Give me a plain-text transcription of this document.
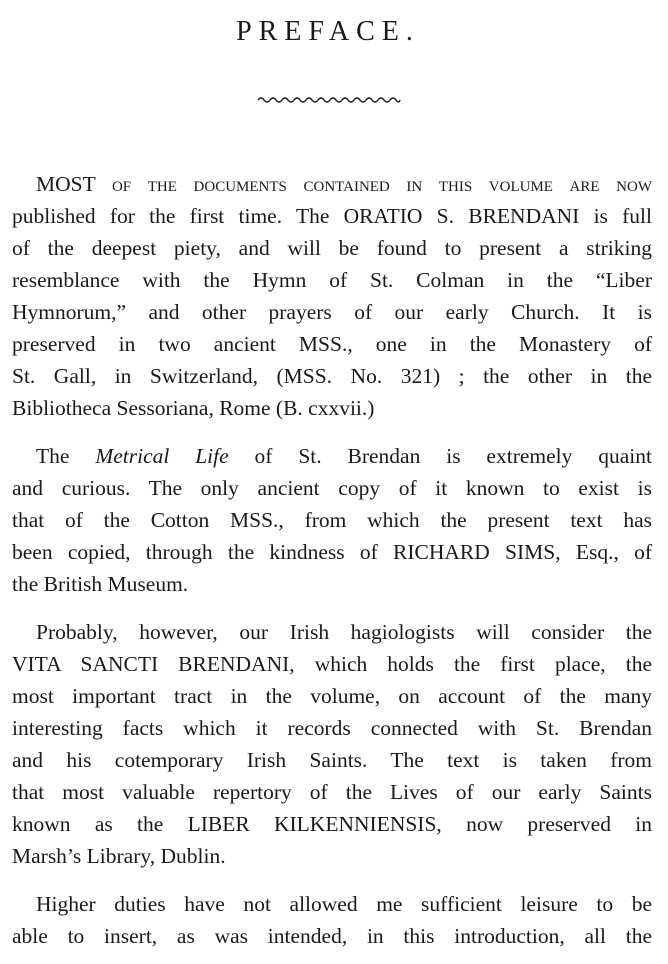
PREFACE.
MOST of the documents contained in this volume are now
published for the first time. The ORATIO S. BRENDANI is full
of the deepest piety, and will be found to present a striking
resemblance with the Hymn of St. Colman in the “Liber
Hymnorum,” and other prayers of our early Church. It is
preserved in two ancient MSS., one in the Monastery of
St. Gall, in Switzerland, (MSS. No. 321) ; the other in the
Bibliotheca Sessoriana, Rome (B. cxxvii.)
The Metrical Life of St. Brendan is extremely quaint
and curious. The only ancient copy of it known to exist is
that of the Cotton MSS., from which the present text has
been copied, through the kindness of RICHARD SIMS, Esq., of
the British Museum.
Probably, however, our Irish hagiologists will consider the
VITA SANCTI BRENDANI, which holds the first place, the
most important tract in the volume, on account of the many
interesting facts which it records connected with St. Brendan
and his cotemporary Irish Saints. The text is taken from
that most valuable repertory of the Lives of our early Saints
known as the LIBER KILKENNIENSIS, now preserved in
Marsh’s Library, Dublin.
Higher duties have not allowed me sufficient leisure to be
able to insert, as was intended, in this introduction, all the
